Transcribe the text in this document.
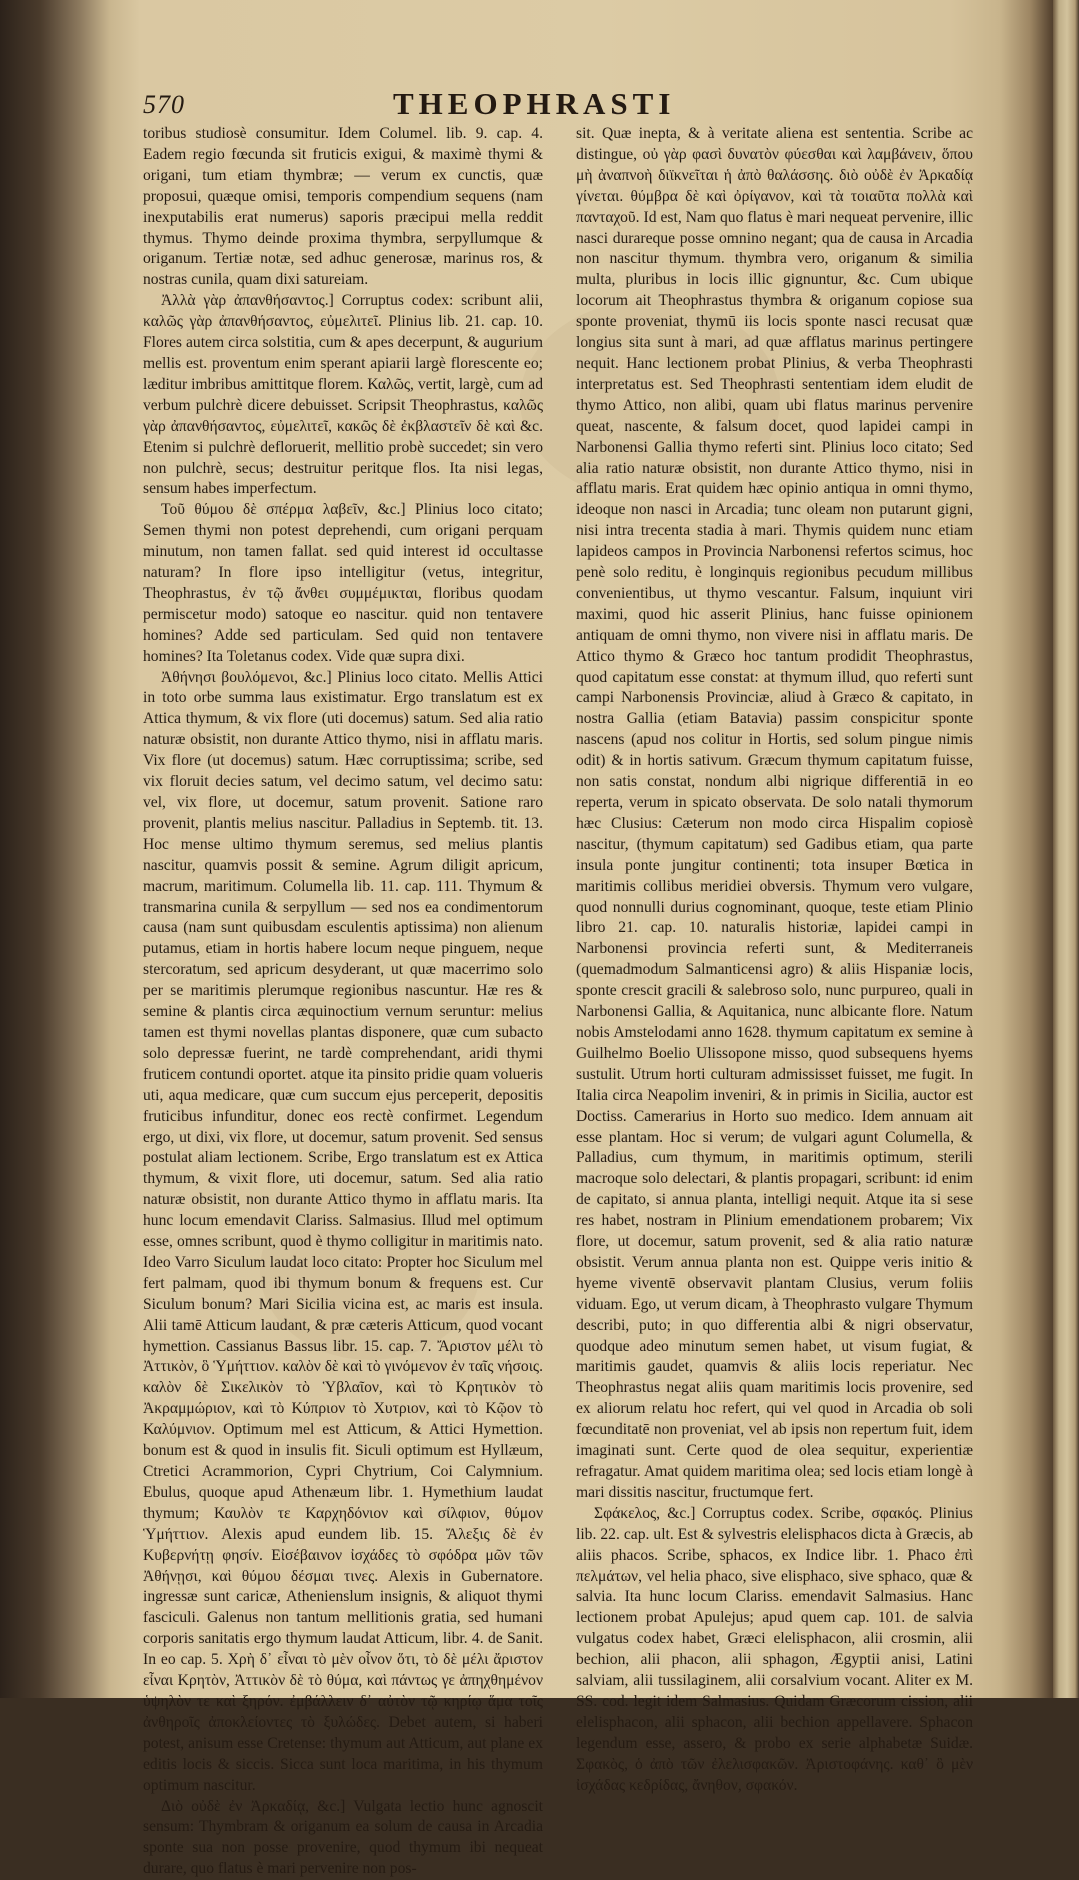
570	THEOPHRASTI

toribus studiosè consumitur. Idem Columel. lib. 9. cap. 4. Eadem regio fœcunda sit fruticis exigui, & maximè thymi & origani, tum etiam thymbræ; — verum ex cunctis, quæ proposui, quæque omisi, temporis compendium sequens (nam inexputabilis erat numerus) saporis præcipui mella reddit thymus. Thymo deinde proxima thymbra, serpyllumque & origanum. Tertiæ notæ, sed adhuc generosæ, marinus ros, & nostras cunila, quam dixi satureiam.

Ἀλλὰ γὰρ ἀπανθήσαντος.] Corruptus codex: scribunt alii, καλῶς γὰρ ἀπανθήσαντος, εὐμελιτεῖ. Plinius lib. 21. cap. 10. Flores autem circa solstitia, cum & apes decerpunt, & augurium mellis est. proventum enim sperant apiarii largè florescente eo; læditur imbribus amittitque florem. Καλῶς, vertit, largè, cum ad verbum pulchrè dicere debuisset. Scripsit Theophrastus, καλῶς γὰρ ἀπανθήσαντος, εὐμελιτεῖ, κακῶς δὲ ἐκβλαστεῖν δὲ καὶ &c. Etenim si pulchrè defloruerit, mellitio probè succedet; sin vero non pulchrè, secus; destruitur peritque flos. Ita nisi legas, sensum habes imperfectum.

Τοῦ θύμου δὲ σπέρμα λαβεῖν, &c.] Plinius loco citato; Semen thymi non potest deprehendi, cum origani perquam minutum, non tamen fallat. sed quid interest id occultasse naturam? In flore ipso intelligitur (vetus, integritur, Theophrastus, ἐν τῷ ἄνθει συμμέμικται, floribus quodam permiscetur modo) satoque eo nascitur. quid non tentavere homines? Adde sed particulam. Sed quid non tentavere homines? Ita Toletanus codex. Vide quæ supra dixi.

Ἀθήνησι βουλόμενοι, &c.] Plinius loco citato. Mellis Attici in toto orbe summa laus existimatur. Ergo translatum est ex Attica thymum, & vix flore (uti docemus) satum. Sed alia ratio naturæ obsistit, non durante Attico thymo, nisi in afflatu maris. Vix flore (ut docemus) satum. Hæc corruptissima; scribe, sed vix floruit decies satum, vel decimo satum, vel decimo satu: vel, vix flore, ut docemur, satum provenit. Satione raro provenit, plantis melius nascitur. Palladius in Septemb. tit. 13. Hoc mense ultimo thymum seremus, sed melius plantis nascitur, quamvis possit & seminе. Agrum diligit apricum, macrum, maritimum. Columella lib. 11. cap. 111. Thymum & transmarina cunila & serpyllum — sed nos ea condimentorum causa (nam sunt quibusdam esculentis aptissima) non alienum putamus, etiam in hortis habere locum neque pinguem, neque stercoratum, sed apricum desyderant, ut quæ macerrimo solo per se maritimis plerumque regionibus nascuntur. Hæ res & semine & plantis circa æquinoctium vernum seruntur: melius tamen est thymi novellas plantas disponere, quæ cum subacto solo depressæ fuerint, ne tardè comprehendant, aridi thymi fruticem contundi oportet. atque ita pinsito pridie quam volueris uti, aqua medicare, quæ cum succum ejus perceperit, depositis fruticibus infunditur, donec eos rectè confirmet. Legendum ergo, ut dixi, vix flore, ut docemur, satum provenit. Sed sensus postulat aliam lectionem. Scribe, Ergo translatum est ex Attica thymum, & vixit flore, uti docemur, satum. Sed alia ratio naturæ obsistit, non durante Attico thymo in afflatu maris. Ita hunc locum emendavit Clariss. Salmasius. Illud mel optimum esse, omnes scribunt, quod è thymo colligitur in maritimis nato. Ideo Varro Siculum laudat loco citato: Propter hoc Siculum mel fert palmam, quod ibi thymum bonum & frequens est. Cur Siculum bonum? Mari Sicilia vicina est, ac maris est insula. Alii tamē Atticum laudant, & præ cæteris Atticum, quod vocant hymettion. Cassianus Bassus libr. 15. cap. 7. Ἄριστον μέλι τὸ Ἀττικὸν, ὃ Ὑμήττιον. καλὸν δὲ καὶ τὸ γινόμενον ἐν ταῖς νήσοις. καλὸν δὲ Σικελικὸν τὸ Ὑβλαῖον, καὶ τὸ Κρητικὸν τὸ Ἀκραμμώριον, καὶ τὸ Κύπριον τὸ Χυτριον, καὶ τὸ Κῷον τὸ Καλύμνιον. Optimum mel est Atticum, & Attici Hymettion. bonum est & quod in insulis fit. Siculi optimum est Hyllæum, Ctretici Acrammorion, Cypri Chytrium, Coi Calymnium. Ebulus, quoque apud Athenæum libr. 1. Hymethium laudat thymum; Καυλὸν τε Καρχηδόνιον καὶ σίλφιον, θύμον Ὑμήττιον. Alexis apud eundem lib. 15. Ἄλεξις δὲ ἐν Κυβερνήτῃ φησίν. Εἰσέβαινον ἰσχάδες τὸ σφόδρα μῶν τῶν Ἀθήνῃσι, καὶ θύμου δέσμαι τινες. Alexis in Gubernatore. ingressæ sunt caricæ, Athenienslum insignis, & aliquot thymi fasciculi. Galenus non tantum mellitionis gratia, sed humani corporis sanitatis ergo thymum laudat Atticum, libr. 4. de Sanit. In eo cap. 5. Χρὴ δ᾽ εἶναι τὸ μὲν οἶνον ὅτι, τὸ δὲ μέλι ἄριστον εἶναι Κρητὸν, Ἀττικὸν δὲ τὸ θύμα, καὶ πάντως γε ἀπηχθημένον ὑψηλὸν τε καὶ ξηρόν. ἐμβάλλειν δ᾽ αὐτὸν τῷ κηρίῳ ἅμα τοῖς ἀνθηροῖς ἀποκλείοντες τὸ ξυλώδες. Debet autem, si haberi potest, anisum esse Cretense: thymum aut Atticum, aut plane ex editis locis & siccis. Sicca sunt loca maritima, in his thymum optimum nascitur.

Διὸ οὐδὲ ἐν Ἀρκαδίᾳ, &c.] Vulgata lectio hunc agnoscit sensum: Thymbram & origanum ea solum de causa in Arcadia sponte sua non posse provenire, quod thymum ibi nequeat durare, quo flatus è mari pervenire non pos-

sit. Quæ inepta, & à veritate aliena est sententia. Scribe ac distingue, οὐ γὰρ φασὶ δυνατὸν φύεσθαι καὶ λαμβάνειν, ὅπου μὴ ἀναπνοὴ διϊκνεῖται ἡ ἀπὸ θαλάσσης. διὸ οὐδὲ ἐν Ἀρκαδίᾳ γίνεται. θύμβρα δὲ καὶ ὀρίγανον, καὶ τὰ τοιαῦτα πολλὰ καὶ πανταχοῦ. Id est, Nam quo flatus è mari nequeat pervenire, illic nasci durareque posse omnino negant; qua de causa in Arcadia non nascitur thymum. thymbra vero, origanum & similia multa, pluribus in locis illic gignuntur, &c. Cum ubique locorum ait Theophrastus thymbra & origanum copiose sua sponte proveniat, thymū iis locis sponte nasci recusat quæ longius sita sunt à mari, ad quæ afflatus marinus pertingere nequit. Hanc lectionem probat Plinius, & verba Theophrasti interpretatus est. Sed Theophrasti sententiam idem eludit de thymo Attico, non alibi, quam ubi flatus marinus pervenire queat, nascente, & falsum docet, quod lapidei campi in Narbonensi Gallia thymo referti sint. Plinius loco citato; Sed alia ratio naturæ obsistit, non durante Attico thymo, nisi in afflatu maris. Erat quidem hæc opinio antiqua in omni thymo, ideoque non nasci in Arcadia; tunc oleam non putarunt gigni, nisi intra trecenta stadia à mari. Thymis quidem nunc etiam lapideos campos in Provincia Narbonensi refertos scimus, hoc penè solo reditu, è longinquis regionibus pecudum millibus convenientibus, ut thymo vescantur. Falsum, inquiunt viri maximi, quod hic asserit Plinius, hanc fuisse opinionem antiquam de omni thymo, non vivere nisi in afflatu maris. De Attico thymo & Græco hoc tantum prodidit Theophrastus, quod capitatum esse constat: at thymum illud, quo referti sunt campi Narbonensis Provinciæ, aliud à Græco & capitato, in nostra Gallia (etiam Batavia) passim conspicitur sponte nascens (apud nos colitur in Hortis, sed solum pingue nimis odit) & in hortis sativum. Græcum thymum capitatum fuisse, non satis constat, nondum albi nigrique differentiā in eo reperta, verum in spicato observata. De solo natali thymorum hæc Clusius: Cæterum non modo circa Hispalim copiosè nascitur, (thymum capitatum) sed Gadibus etiam, qua parte insula ponte jungitur continenti; tota insuper Bœtica in maritimis collibus meridiei obversis. Thymum vero vulgare, quod nonnulli durius cognominant, quoque, teste etiam Plinio libro 21. cap. 10. naturalis historiæ, lapidei campi in Narbonensi provincia referti sunt, & Mediterraneis (quemadmodum Salmanticensi agro) & aliis Hispaniæ locis, sponte crescit gracili & salebroso solo, nunc purpureo, quali in Narbonensi Gallia, & Aquitanica, nunc albicante flore. Natum nobis Amstelodami anno 1628. thymum capitatum ex semine à Guilhelmo Boelio Ulissopone misso, quod subsequens hyems sustulit. Utrum horti culturam admississet fuisset, me fugit. In Italia circa Neapolim inveniri, & in primis in Sicilia, auctor est Doctiss. Camerarius in Horto suo medico. Idem annuam ait esse plantam. Hoc si verum; de vulgari agunt Columella, & Palladius, cum thymum, in maritimis optimum, sterili macroque solo delectari, & plantis propagari, scribunt: id enim de capitato, si annua planta, intelligi nequit. Atque ita si sese res habet, nostram in Plinium emendationem probarem; Vix flore, ut docemur, satum provenit, sed & alia ratio naturæ obsistit. Verum annua planta non est. Quippe veris initio & hyeme viventē observavit plantam Clusius, verum foliis viduam. Ego, ut verum dicam, à Theophrasto vulgare Thymum describi, puto; in quo differentia albi & nigri observatur, quodque adeo minutum semen habet, ut visum fugiat, & maritimis gaudet, quamvis & aliis locis reperiatur. Nec Theophrastus negat aliis quam maritimis locis provenire, sed ex aliorum relatu hoc refert, qui vel quod in Arcadia ob soli fœcunditatē non proveniat, vel ab ipsis non repertum fuit, idem imaginati sunt. Certe quod de olea sequitur, experientiæ refragatur. Amat quidem maritima olea; sed locis etiam longè à mari dissitis nascitur, fructumque fert.

Σφάκελος, &c.] Corruptus codex. Scribe, σφακός. Plinius lib. 22. cap. ult. Est & sylvestris elelisphacos dicta à Græcis, ab aliis phacos. Scribe, sphacos, ex Indice libr. 1. Phaco ἐπὶ πελμάτων, vel helia phaco, sive elisphaco, sive sphaco, quæ & salvia. Ita hunc locum Clariss. emendavit Salmasius. Hanc lectionem probat Apulejus; apud quem cap. 101. de salvia vulgatus codex habet, Græci elelisphacon, alii crosmin, alii bechion, alii phacon, alii sphagon, Ægyptii anisi, Latini salviam, alii tussilaginem, alii corsalvium vocant. Aliter ex M. SS. cod. legit idem Salmasius. Quidam Græcorum cission, alii elelisphacon, alii sphacon, alii bechion appellavere. Sphacon legendum esse, assero, & probo ex serie alphabetæ Suidæ. Σφακὸς, ὁ ἀπὸ τῶν ἐλελισφακῶν. Ἀριστοφάνης. καθ᾽ ὃ μὲν ἰσχάδας κεδρίδας, ἄνηθον, σφακόν.
